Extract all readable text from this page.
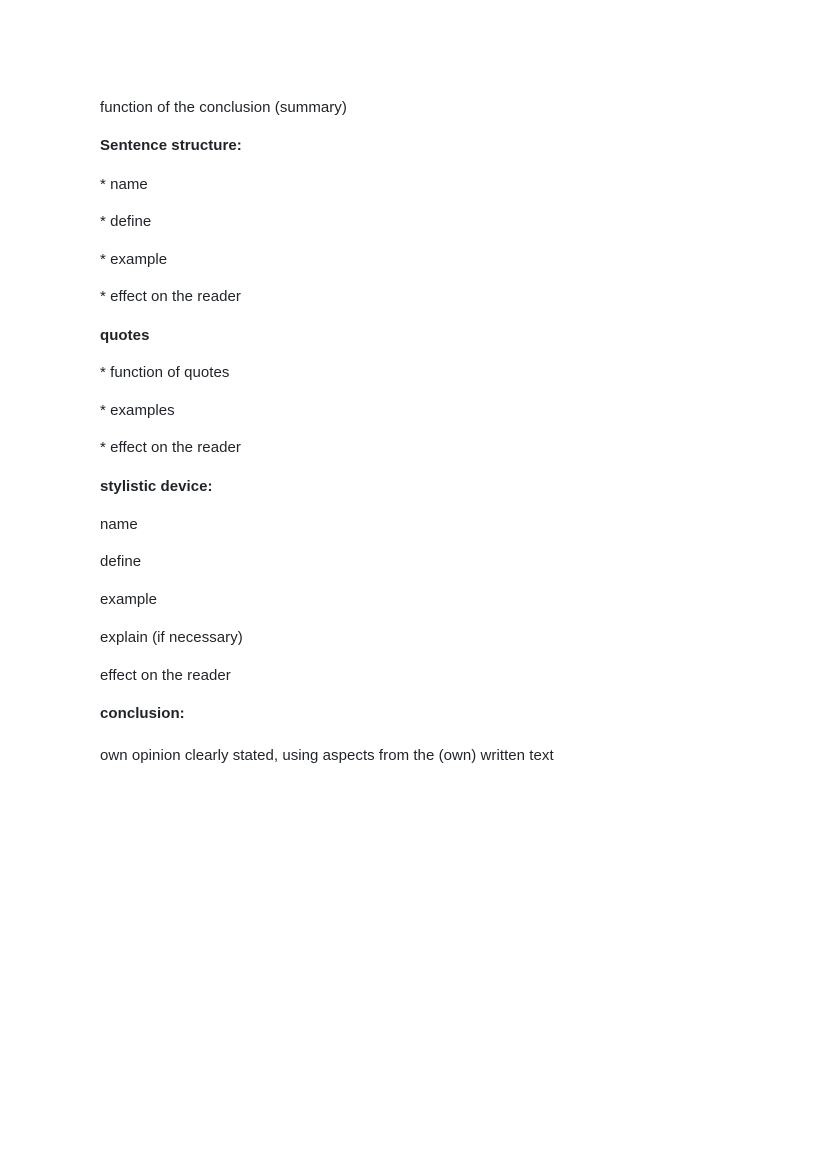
function of the conclusion (summary)
Sentence structure:
* name
* define
* example
* effect on the reader
quotes
* function of quotes
* examples
* effect on the reader
stylistic device:
name
define
example
explain (if necessary)
effect on the reader
conclusion:
own opinion clearly stated, using aspects from the (own) written text
